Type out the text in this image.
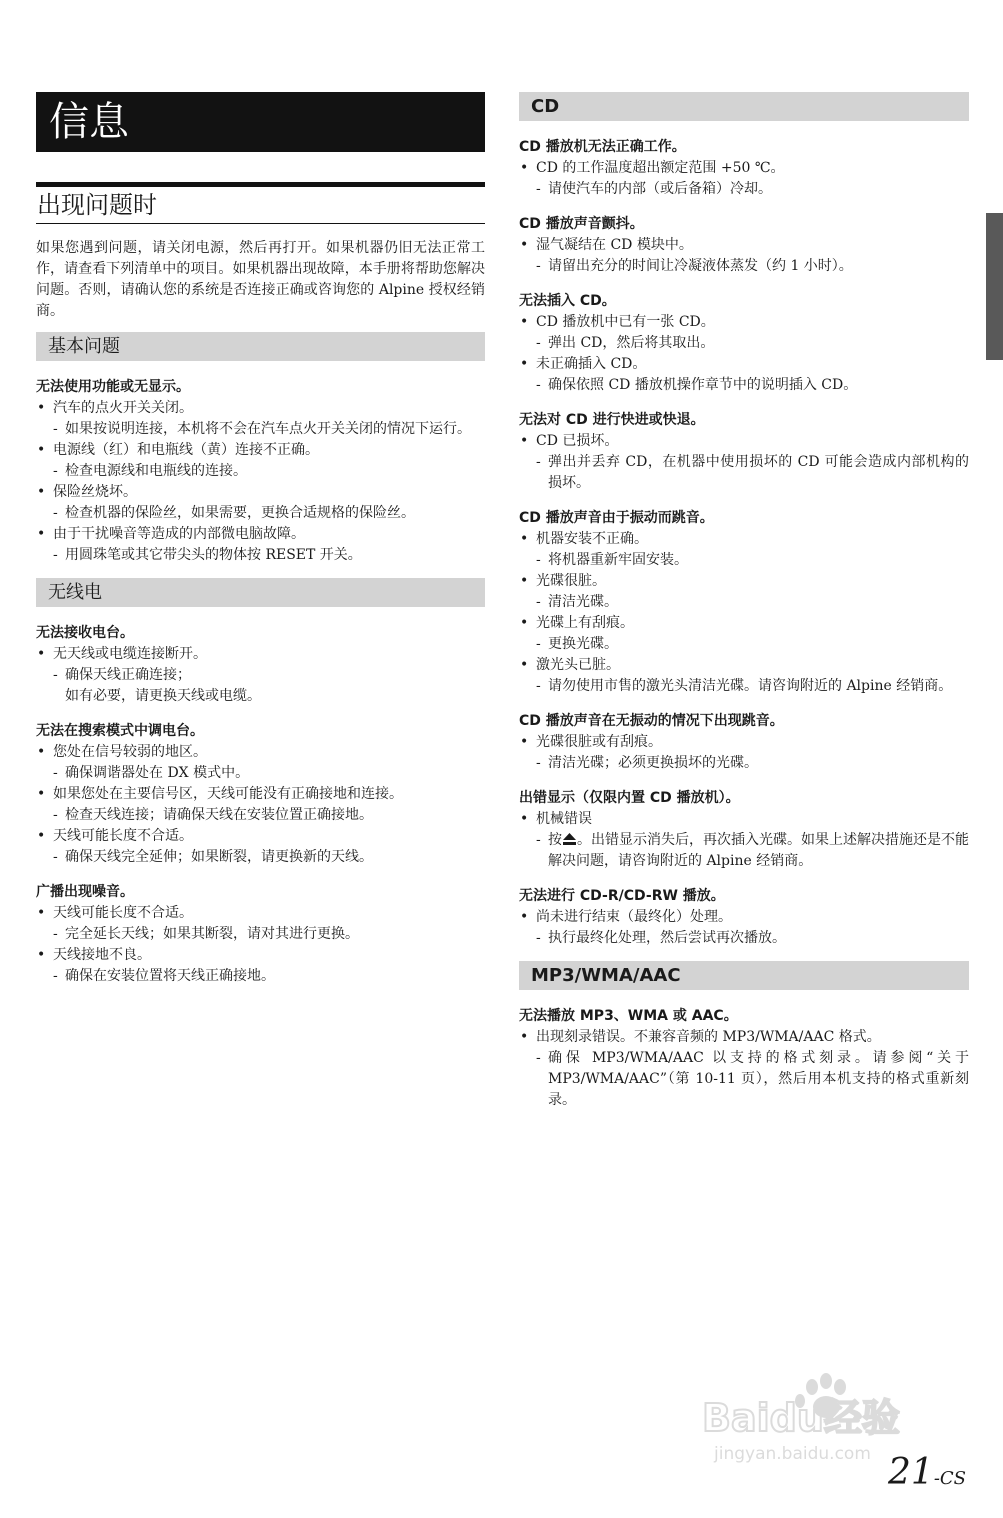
信息
出现问题时

如果您遇到问题，请关闭电源，然后再打开。如果机器仍旧无法正常工作，请查看下列清单中的项目。如果机器出现故障，本手册将帮助您解决问题。否则，请确认您的系统是否连接正确或咨询您的 Alpine 授权经销商。

基本问题
无法使用功能或无显示。
• 汽车的点火开关关闭。
- 如果按说明连接，本机将不会在汽车点火开关关闭的情况下运行。
• 电源线（红）和电瓶线（黄）连接不正确。
- 检查电源线和电瓶线的连接。
• 保险丝烧坏。
- 检查机器的保险丝，如果需要，更换合适规格的保险丝。
• 由于干扰噪音等造成的内部微电脑故障。
- 用圆珠笔或其它带尖头的物体按 RESET 开关。
无线电
无法接收电台。
• 无天线或电缆连接断开。
- 确保天线正确连接；
如有必要，请更换天线或电缆。
无法在搜索模式中调电台。
• 您处在信号较弱的地区。
- 确保调谐器处在 DX 模式中。
• 如果您处在主要信号区，天线可能没有正确接地和连接。
- 检查天线连接；请确保天线在安装位置正确接地。
• 天线可能长度不合适。
- 确保天线完全延伸；如果断裂，请更换新的天线。
广播出现噪音。
• 天线可能长度不合适。
- 完全延长天线；如果其断裂，请对其进行更换。
• 天线接地不良。
- 确保在安装位置将天线正确接地。
CD
CD 播放机无法正确工作。
• CD 的工作温度超出额定范围 +50 ℃。
- 请使汽车的内部（或后备箱）冷却。
CD 播放声音颤抖。
• 湿气凝结在 CD 模块中。
- 请留出充分的时间让冷凝液体蒸发（约 1 小时）。
无法插入 CD。
• CD 播放机中已有一张 CD。
- 弹出 CD，然后将其取出。
• 未正确插入 CD。
- 确保依照 CD 播放机操作章节中的说明插入 CD。
无法对 CD 进行快进或快退。
• CD 已损坏。
- 弹出并丢弃 CD，在机器中使用损坏的 CD 可能会造成内部机构的损坏。
CD 播放声音由于振动而跳音。
• 机器安装不正确。
- 将机器重新牢固安装。
• 光碟很脏。
- 清洁光碟。
• 光碟上有刮痕。
- 更换光碟。
• 激光头已脏。
- 请勿使用市售的激光头清洁光碟。请咨询附近的 Alpine 经销商。
CD 播放声音在无振动的情况下出现跳音。
• 光碟很脏或有刮痕。
- 清洁光碟；必须更换损坏的光碟。
出错显示（仅限内置 CD 播放机）。
• 机械错误
- 按 。出错显示消失后，再次插入光碟。如果上述解决措施还是不能解决问题，请咨询附近的 Alpine 经销商。
无法进行 CD-R/CD-RW 播放。
• 尚未进行结束（最终化）处理。
- 执行最终化处理，然后尝试再次播放。
MP3/WMA/AAC
无法播放 MP3、WMA 或 AAC。
• 出现刻录错误。不兼容音频的 MP3/WMA/AAC 格式。
- 确保 MP3/WMA/AAC 以支持的格式刻录。请参阅“关于 MP3/WMA/AAC”（第 10-11 页），然后用本机支持的格式重新刻录。
Baidu经验
jingyan.baidu.com 21-CS
